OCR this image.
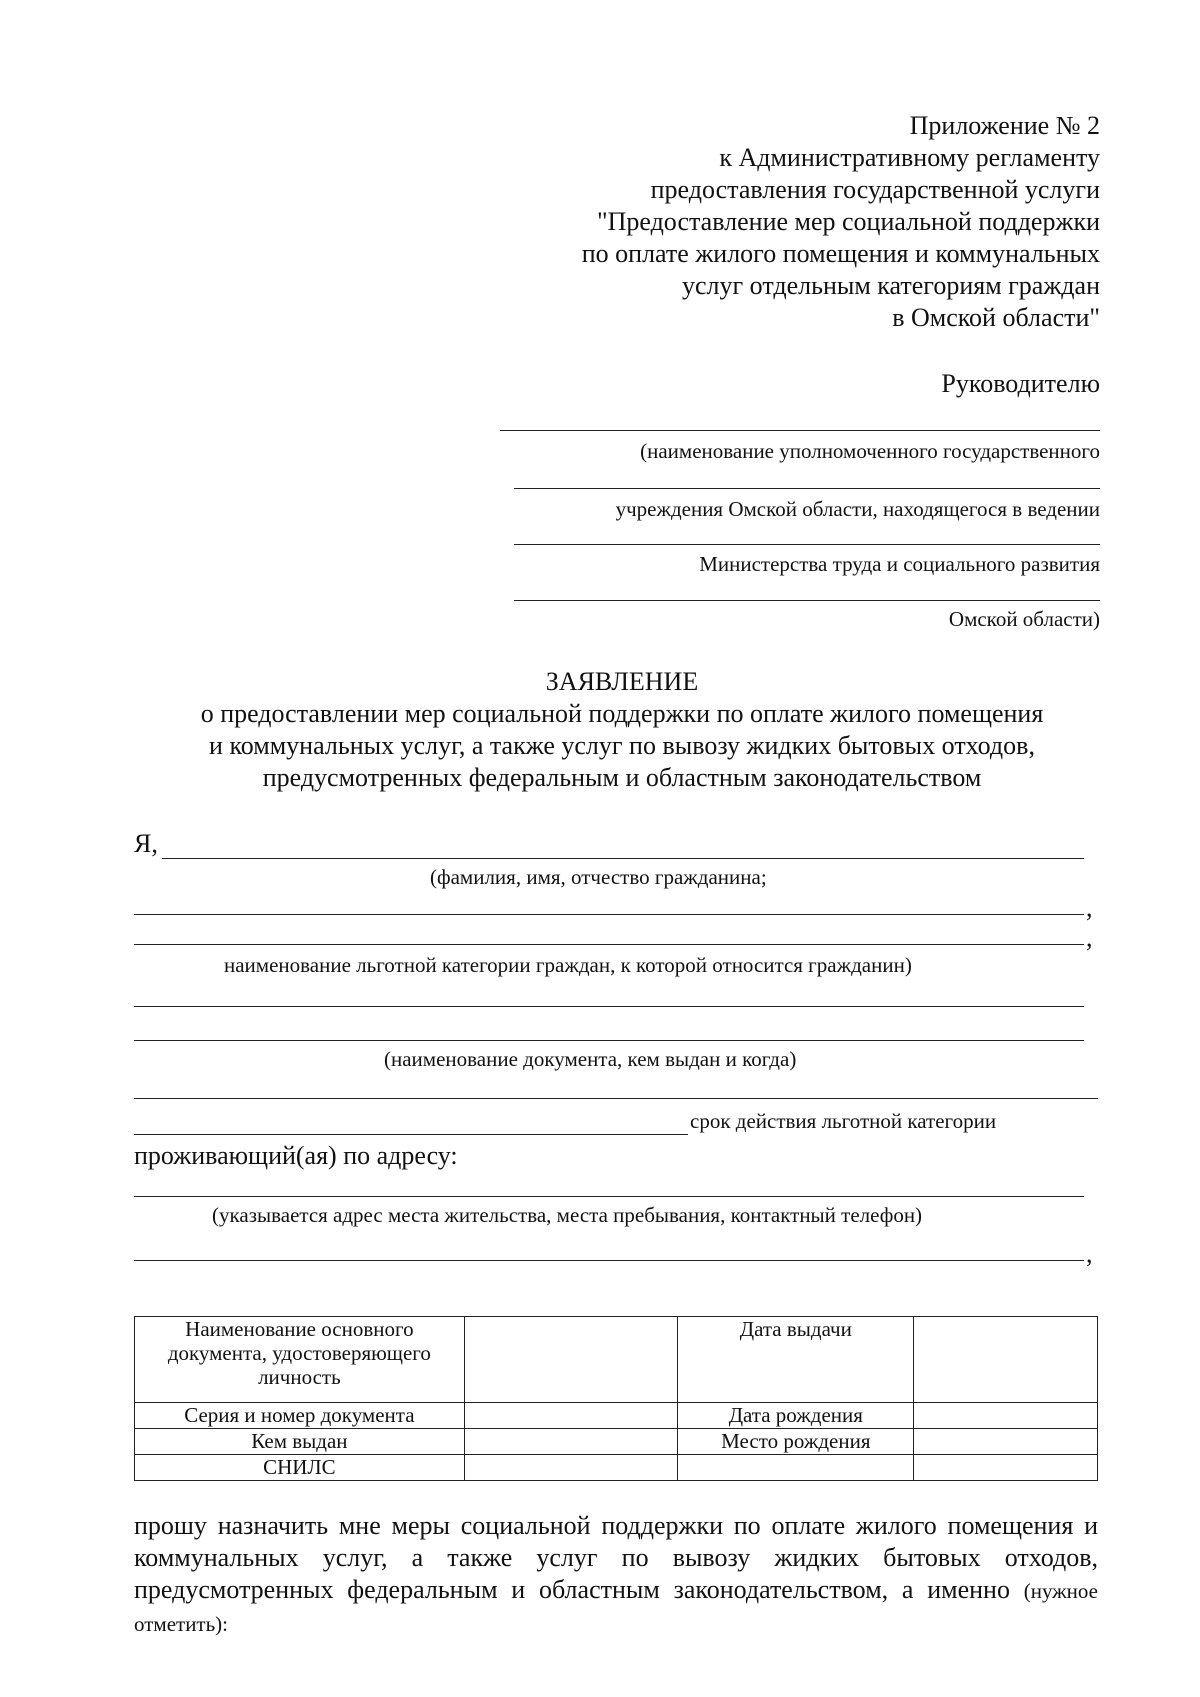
Приложение № 2
к Административному регламенту
предоставления государственной услуги
"Предоставление мер социальной поддержки
по оплате жилого помещения и коммунальных
услуг отдельным категориям граждан
в Омской области"
Руководителю
(наименование уполномоченного государственного
учреждения Омской области, находящегося в ведении
Министерства труда и социального развития
Омской области)
ЗАЯВЛЕНИЕ
о предоставлении мер социальной поддержки по оплате жилого помещения
и коммунальных услуг, а также услуг по вывозу жидких бытовых отходов,
предусмотренных федеральным и областным законодательством
Я,
(фамилия, имя, отчество гражданина;
,
,
наименование льготной категории граждан, к которой относится гражданин)
(наименование документа, кем выдан и когда)
срок действия льготной категории
проживающий(ая) по адресу:
(указывается адрес места жительства, места пребывания, контактный телефон)
,
Наименование основного документа, удостоверяющего личность		Дата выдачи	
Серия и номер документа		Дата рождения	
Кем выдан		Место рождения	
СНИЛС			
прошу назначить мне меры социальной поддержки по оплате жилого помещения и коммунальных услуг, а также услуг по вывозу жидких бытовых отходов, предусмотренных федеральным и областным законодательством, а именно (нужное отметить):
